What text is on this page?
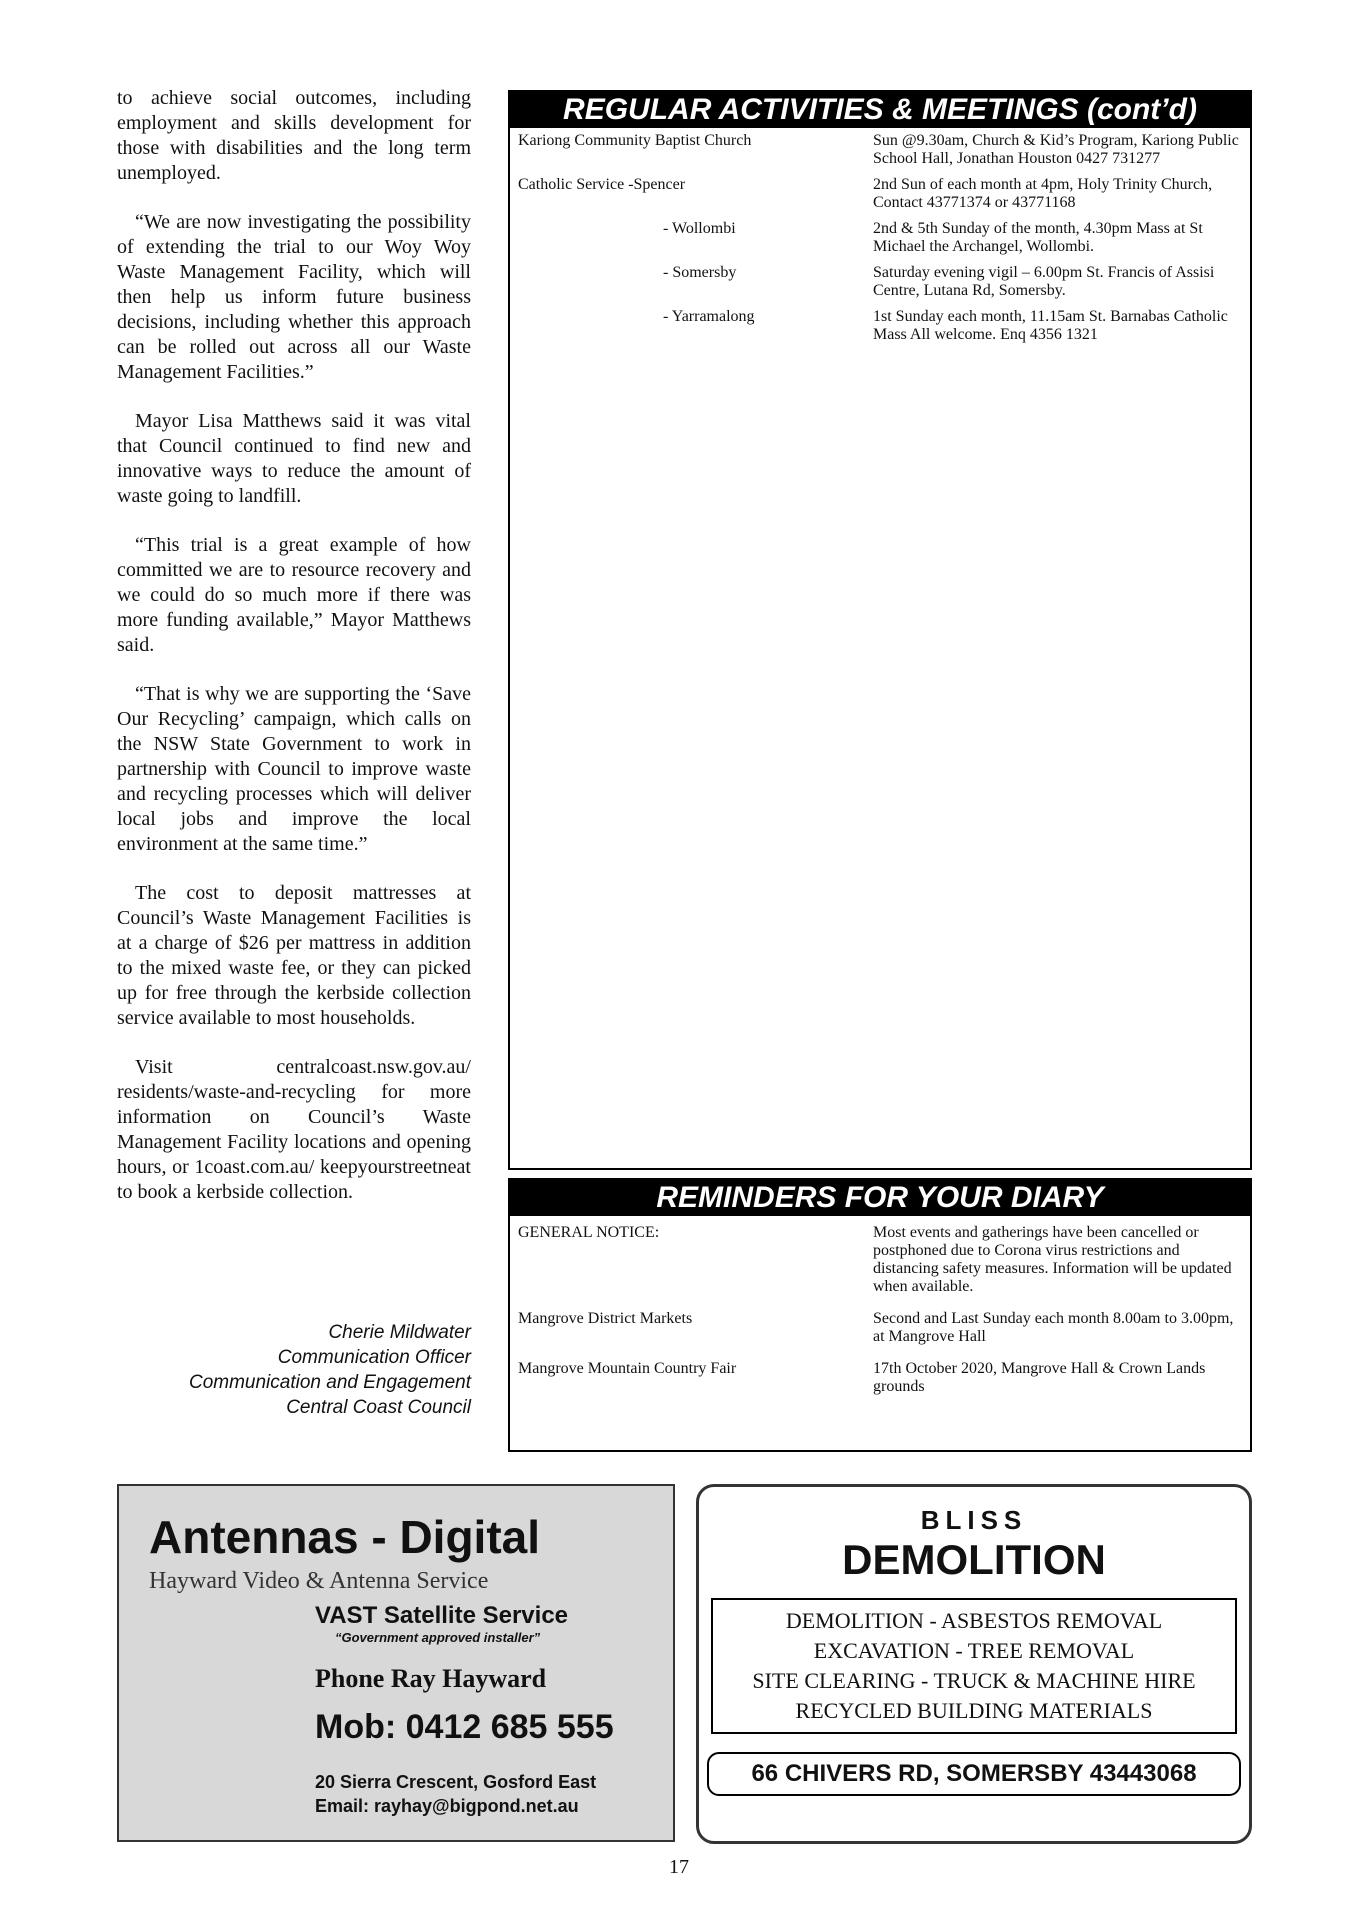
to achieve social outcomes, including employment and skills development for those with disabilities and the long term unemployed.

“We are now investigating the possibility of extending the trial to our Woy Woy Waste Management Facility, which will then help us inform future business decisions, including whether this approach can be rolled out across all our Waste Management Facilities.”

Mayor Lisa Matthews said it was vital that Council continued to find new and innovative ways to reduce the amount of waste going to landfill.

“This trial is a great example of how committed we are to resource recovery and we could do so much more if there was more funding available,” Mayor Matthews said.

“That is why we are supporting the ‘Save Our Recycling’ campaign, which calls on the NSW State Government to work in partnership with Council to improve waste and recycling processes which will deliver local jobs and improve the local environment at the same time.”

The cost to deposit mattresses at Council’s Waste Management Facilities is at a charge of $26 per mattress in addition to the mixed waste fee, or they can picked up for free through the kerbside collection service available to most households.

Visit centralcoast.nsw.gov.au/ residents/waste-and-recycling for more information on Council’s Waste Management Facility locations and opening hours, or 1coast.com.au/ keepyourstreetneat to book a kerbside collection.

Cherie Mildwater
Communication Officer
Communication and Engagement
Central Coast Council
REGULAR ACTIVITIES & MEETINGS (cont’d)
Kariong Community Baptist Church	Sun @9.30am, Church & Kid’s Program, Kariong Public School Hall, Jonathan Houston 0427 731277
Catholic Service -Spencer	2nd Sun of each month at 4pm, Holy Trinity Church, Contact 43771374 or 43771168
- Wollombi	2nd & 5th Sunday of the month, 4.30pm Mass at St Michael the Archangel, Wollombi.
- Somersby	Saturday evening vigil – 6.00pm St. Francis of Assisi Centre, Lutana Rd, Somersby.
- Yarramalong	1st Sunday each month, 11.15am St. Barnabas Catholic Mass All welcome. Enq 4356 1321
REMINDERS FOR YOUR DIARY
GENERAL NOTICE:	Most events and gatherings have been cancelled or postphoned due to Corona virus restrictions and distancing safety measures. Information will be updated when available.
Mangrove District Markets	Second and Last Sunday each month 8.00am to 3.00pm, at Mangrove Hall
Mangrove Mountain Country Fair	17th October 2020, Mangrove Hall & Crown Lands grounds
Antennas - Digital
Hayward Video & Antenna Service
VAST Satellite Service
“Government approved installer”
Phone Ray Hayward
Mob: 0412 685 555
20 Sierra Crescent, Gosford East
Email: rayhay@bigpond.net.au
BLISS
DEMOLITION
DEMOLITION - ASBESTOS REMOVAL
EXCAVATION - TREE REMOVAL
SITE CLEARING - TRUCK & MACHINE HIRE
RECYCLED BUILDING MATERIALS
66 CHIVERS RD, SOMERSBY 43443068
17
